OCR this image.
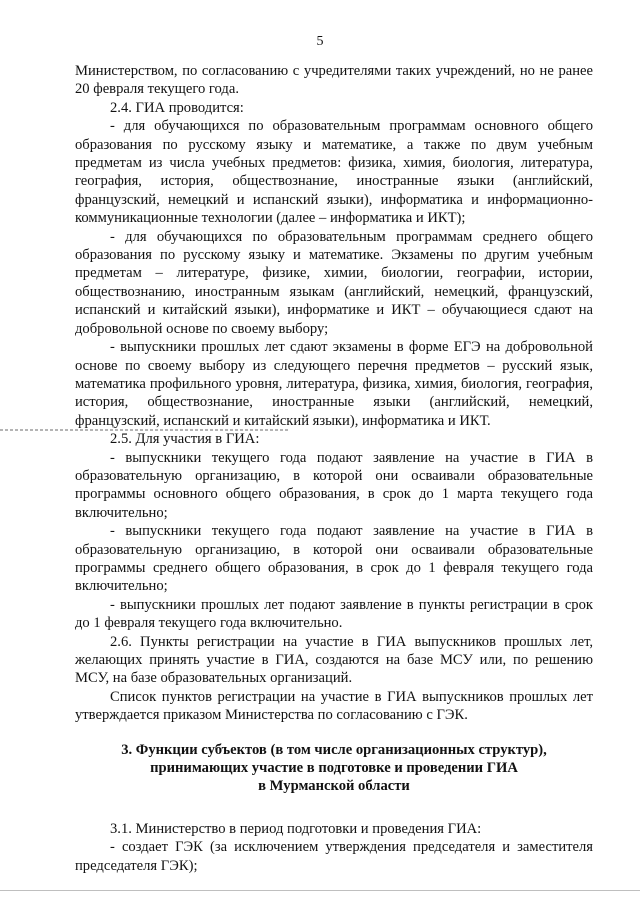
5

Министерством, по согласованию с учредителями таких учреждений, но не ранее 20 февраля текущего года.

2.4. ГИА проводится:

- для обучающихся по образовательным программам основного общего образования по русскому языку и математике, а также по двум учебным предметам из числа учебных предметов: физика, химия, биология, литература, география, история, обществознание, иностранные языки (английский, французский, немецкий и испанский языки), информатика и информационно-коммуникационные технологии (далее – информатика и ИКТ);

- для обучающихся по образовательным программам среднего общего образования по русскому языку и математике. Экзамены по другим учебным предметам – литературе, физике, химии, биологии, географии, истории, обществознанию, иностранным языкам (английский, немецкий, французский, испанский и китайский языки), информатике и ИКТ – обучающиеся сдают на добровольной основе по своему выбору;

- выпускники прошлых лет сдают экзамены в форме ЕГЭ на добровольной основе по своему выбору из следующего перечня предметов – русский язык, математика профильного уровня, литература, физика, химия, биология, география, история, обществознание, иностранные языки (английский, немецкий, французский, испанский и китайский языки), информатика и ИКТ.

2.5. Для участия в ГИА:

- выпускники текущего года подают заявление на участие в ГИА в образовательную организацию, в которой они осваивали образовательные программы основного общего образования, в срок до 1 марта текущего года включительно;

- выпускники текущего года подают заявление на участие в ГИА в образовательную организацию, в которой они осваивали образовательные программы среднего общего образования, в срок до 1 февраля текущего года включительно;

- выпускники прошлых лет подают заявление в пункты регистрации в срок до 1 февраля текущего года включительно.

2.6. Пункты регистрации на участие в ГИА выпускников прошлых лет, желающих принять участие в ГИА, создаются на базе МСУ или, по решению МСУ, на базе образовательных организаций.

Список пунктов регистрации на участие в ГИА выпускников прошлых лет утверждается приказом Министерства по согласованию с ГЭК.

3. Функции субъектов (в том числе организационных структур),
принимающих участие в подготовке и проведении ГИА
в Мурманской области

3.1. Министерство в период подготовки и проведения ГИА:

- создает ГЭК (за исключением утверждения председателя и заместителя председателя ГЭК);
